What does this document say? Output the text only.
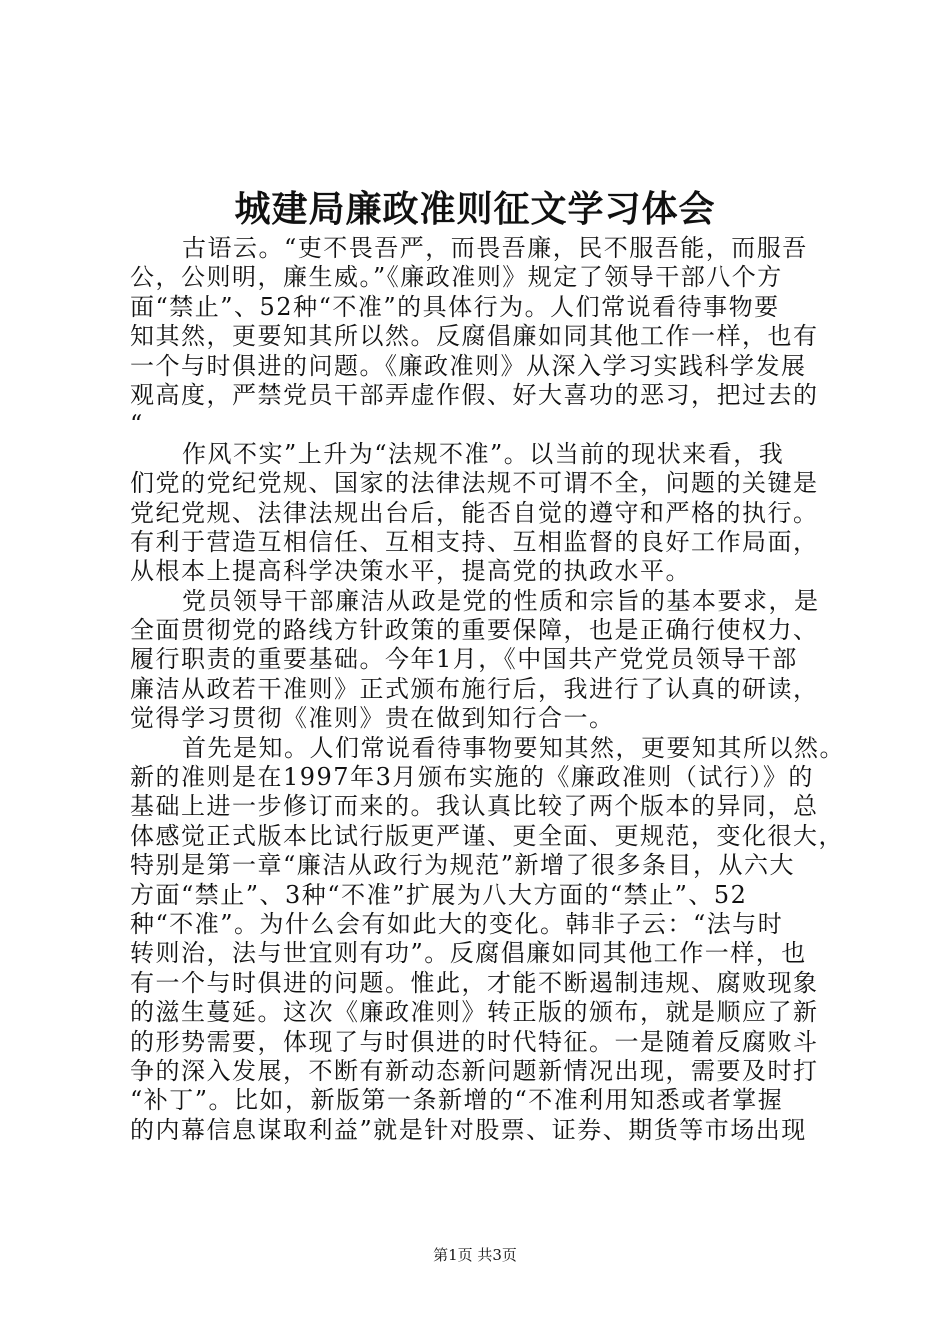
城建局廉政准则征文学习体会
古语云。“吏不畏吾严，而畏吾廉，民不服吾能，而服吾
公，公则明，廉生威。”《廉政准则》规定了领导干部八个方
面“禁止”、52种“不准”的具体行为。人们常说看待事物要
知其然，更要知其所以然。反腐倡廉如同其他工作一样，也有
一个与时俱进的问题。《廉政准则》从深入学习实践科学发展
观高度，严禁党员干部弄虚作假、好大喜功的恶习，把过去的
“
作风不实”上升为“法规不准”。以当前的现状来看，我
们党的党纪党规、国家的法律法规不可谓不全，问题的关键是
党纪党规、法律法规出台后，能否自觉的遵守和严格的执行。
有利于营造互相信任、互相支持、互相监督的良好工作局面，
从根本上提高科学决策水平，提高党的执政水平。
党员领导干部廉洁从政是党的性质和宗旨的基本要求，是
全面贯彻党的路线方针政策的重要保障，也是正确行使权力、
履行职责的重要基础。今年1月，《中国共产党党员领导干部
廉洁从政若干准则》正式颁布施行后，我进行了认真的研读，
觉得学习贯彻《准则》贵在做到知行合一。
首先是知。人们常说看待事物要知其然，更要知其所以然。
新的准则是在1997年3月颁布实施的《廉政准则（试行）》的
基础上进一步修订而来的。我认真比较了两个版本的异同，总
体感觉正式版本比试行版更严谨、更全面、更规范，变化很大，
特别是第一章“廉洁从政行为规范”新增了很多条目，从六大
方面“禁止”、3种“不准”扩展为八大方面的“禁止”、52
种“不准”。为什么会有如此大的变化。韩非子云：“法与时
转则治，法与世宜则有功”。反腐倡廉如同其他工作一样，也
有一个与时俱进的问题。惟此，才能不断遏制违规、腐败现象
的滋生蔓延。这次《廉政准则》转正版的颁布，就是顺应了新
的形势需要，体现了与时俱进的时代特征。一是随着反腐败斗
争的深入发展，不断有新动态新问题新情况出现，需要及时打
“补丁”。比如，新版第一条新增的“不准利用知悉或者掌握
的内幕信息谋取利益”就是针对股票、证券、期货等市场出现
第1页 共3页
